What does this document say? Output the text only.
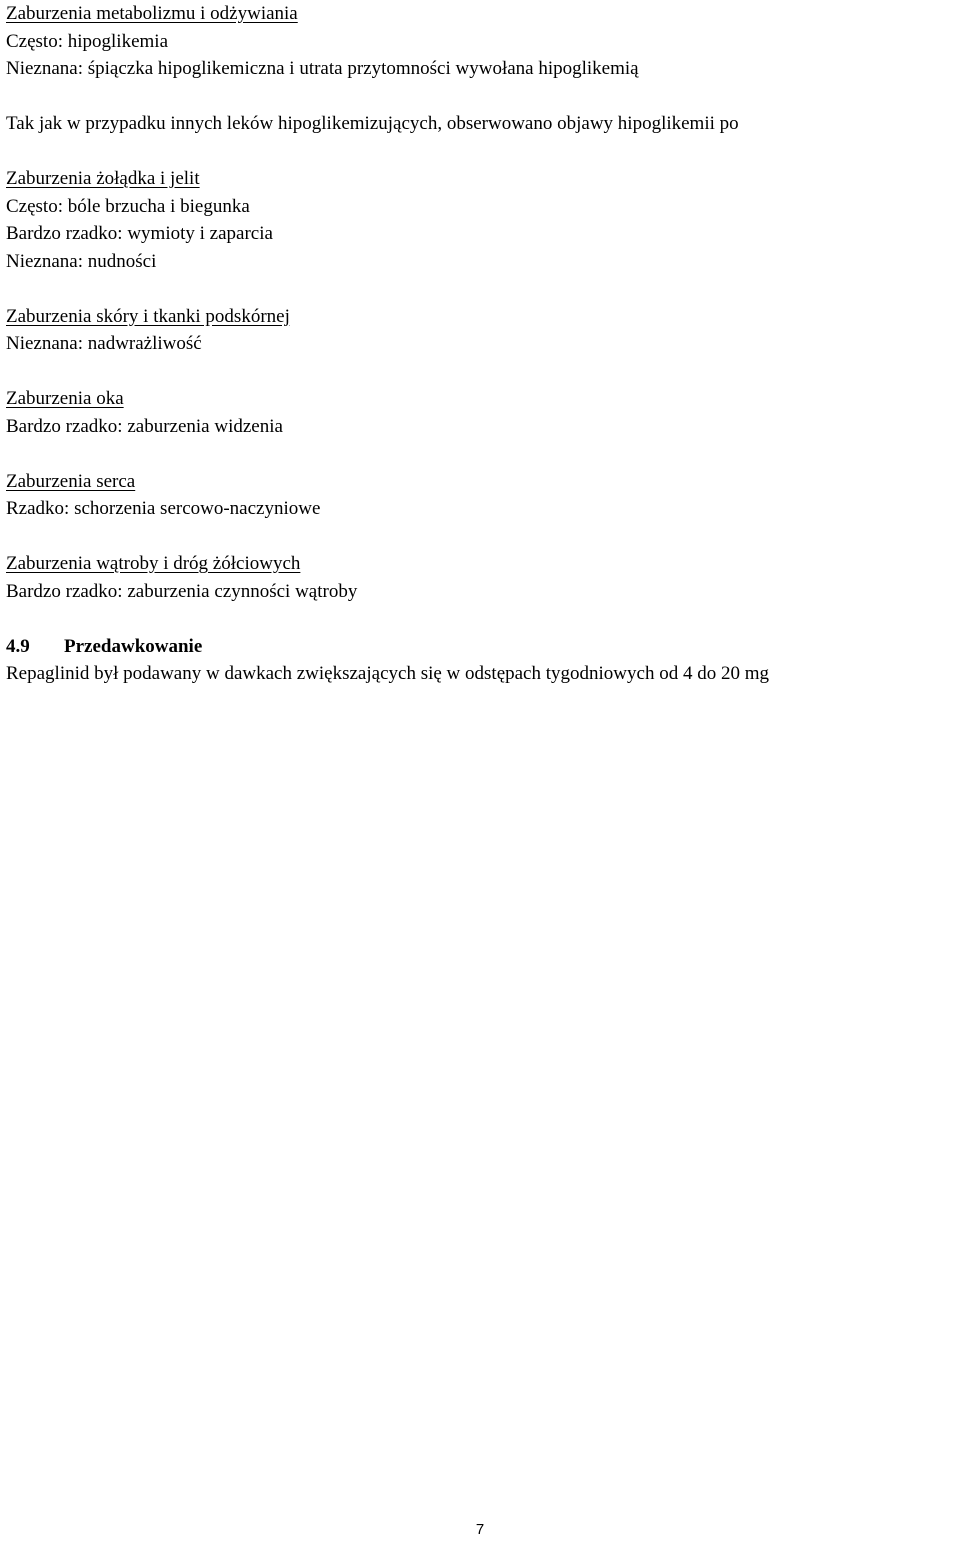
Zaburzenia metabolizmu i odżywiania
Często: hipoglikemia
Nieznana: śpiączka hipoglikemiczna i utrata przytomności wywołana hipoglikemią
Tak jak w przypadku innych leków hipoglikemizujących, obserwowano objawy hipoglikemii po
Zaburzenia żołądka i jelit
Często: bóle brzucha i biegunka
Bardzo rzadko: wymioty i zaparcia
Nieznana: nudności
Zaburzenia skóry i tkanki podskórnej
Nieznana: nadwrażliwość
Zaburzenia oka
Bardzo rzadko: zaburzenia widzenia
Zaburzenia serca
Rzadko: schorzenia sercowo-naczyniowe
Zaburzenia wątroby i dróg żółciowych
Bardzo rzadko: zaburzenia czynności wątroby
4.9 Przedawkowanie
Repaglinid był podawany w dawkach zwiększających się w odstępach tygodniowych od 4 do 20 mg
7
